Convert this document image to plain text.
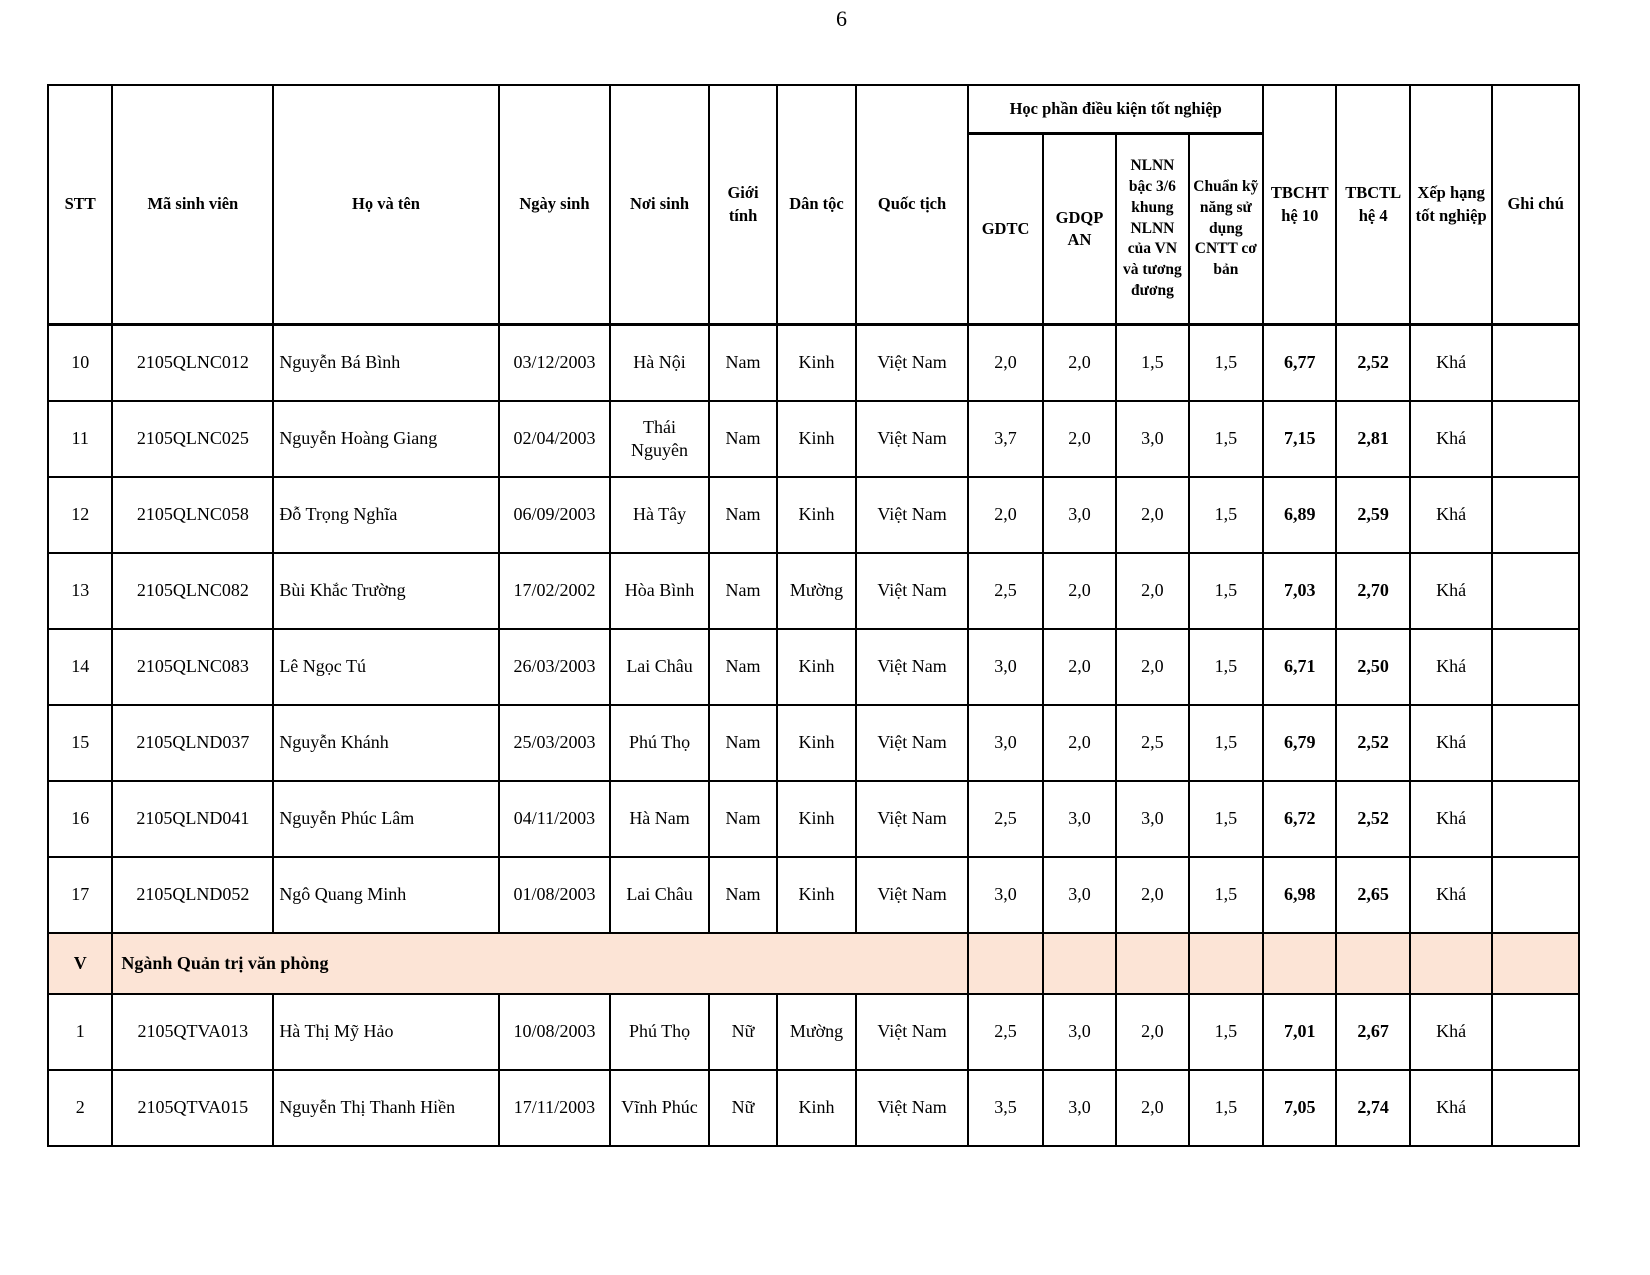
6
STT	Mã sinh viên	Họ và tên	Ngày sinh	Nơi sinh	Giới tính	Dân tộc	Quốc tịch	Học phần điều kiện tốt nghiệp				TBCHT hệ 10	TBCTL hệ 4	Xếp hạng tốt nghiệp	Ghi chú
								GDTC	GDQP AN	NLNN bậc 3/6 khung NLNN của VN và tương đương	Chuẩn kỹ năng sử dụng CNTT cơ bản				
10	2105QLNC012	Nguyễn Bá Bình	03/12/2003	Hà Nội	Nam	Kinh	Việt Nam	2,0	2,0	1,5	1,5	6,77	2,52	Khá	
11	2105QLNC025	Nguyễn Hoàng Giang	02/04/2003	Thái Nguyên	Nam	Kinh	Việt Nam	3,7	2,0	3,0	1,5	7,15	2,81	Khá	
12	2105QLNC058	Đỗ Trọng Nghĩa	06/09/2003	Hà Tây	Nam	Kinh	Việt Nam	2,0	3,0	2,0	1,5	6,89	2,59	Khá	
13	2105QLNC082	Bùi Khắc Trường	17/02/2002	Hòa Bình	Nam	Mường	Việt Nam	2,5	2,0	2,0	1,5	7,03	2,70	Khá	
14	2105QLNC083	Lê Ngọc Tú	26/03/2003	Lai Châu	Nam	Kinh	Việt Nam	3,0	2,0	2,0	1,5	6,71	2,50	Khá	
15	2105QLND037	Nguyễn Khánh	25/03/2003	Phú Thọ	Nam	Kinh	Việt Nam	3,0	2,0	2,5	1,5	6,79	2,52	Khá	
16	2105QLND041	Nguyễn Phúc Lâm	04/11/2003	Hà Nam	Nam	Kinh	Việt Nam	2,5	3,0	3,0	1,5	6,72	2,52	Khá	
17	2105QLND052	Ngô Quang Minh	01/08/2003	Lai Châu	Nam	Kinh	Việt Nam	3,0	3,0	2,0	1,5	6,98	2,65	Khá	
V	Ngành Quản trị văn phòng														
1	2105QTVA013	Hà Thị Mỹ Hảo	10/08/2003	Phú Thọ	Nữ	Mường	Việt Nam	2,5	3,0	2,0	1,5	7,01	2,67	Khá	
2	2105QTVA015	Nguyễn Thị Thanh Hiền	17/11/2003	Vĩnh Phúc	Nữ	Kinh	Việt Nam	3,5	3,0	2,0	1,5	7,05	2,74	Khá	
